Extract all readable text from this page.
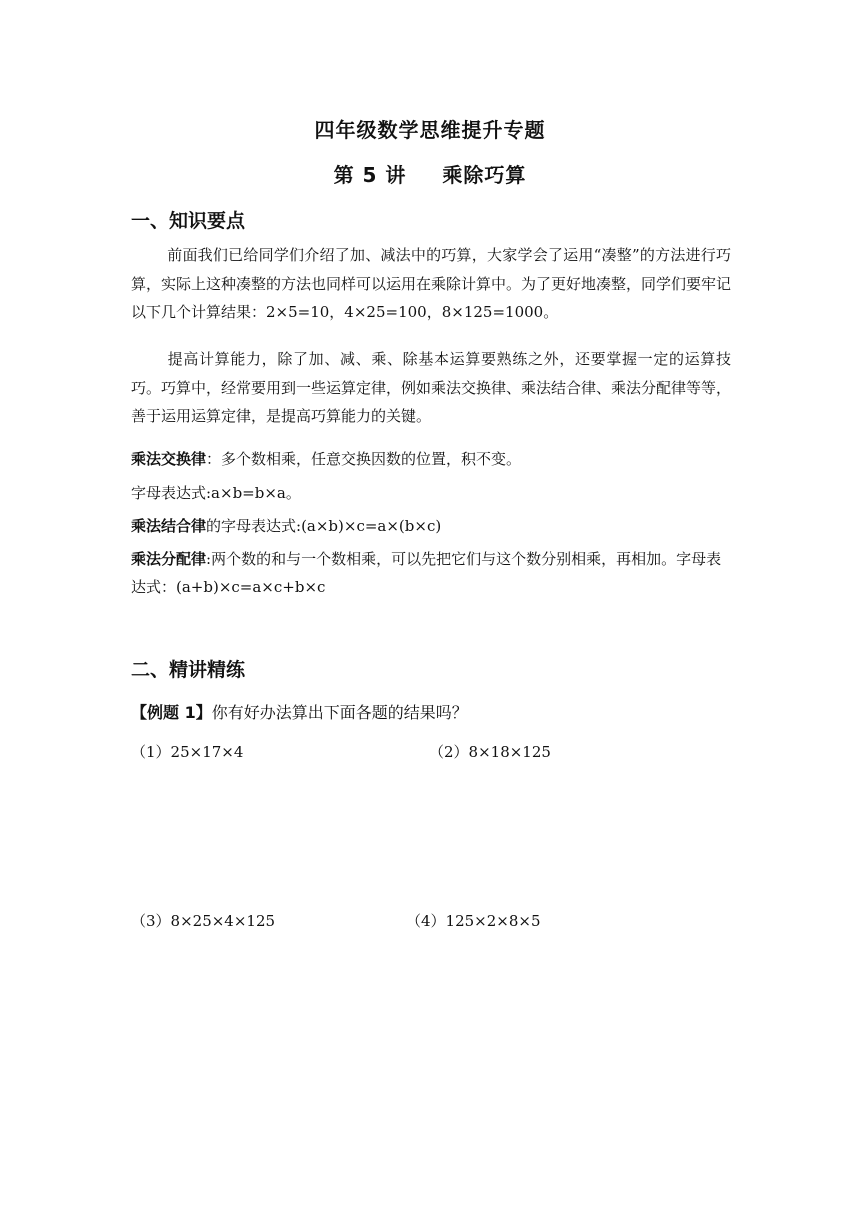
四年级数学思维提升专题
第 5 讲 乘除巧算
一、知识要点
前面我们已给同学们介绍了加、减法中的巧算，大家学会了运用“凑整”的方法进行巧算，实际上这种凑整的方法也同样可以运用在乘除计算中。为了更好地凑整，同学们要牢记以下几个计算结果：2×5=10，4×25=100，8×125=1000。
提高计算能力，除了加、减、乘、除基本运算要熟练之外，还要掌握一定的运算技巧。巧算中，经常要用到一些运算定律，例如乘法交换律、乘法结合律、乘法分配律等等，善于运用运算定律，是提高巧算能力的关键。
乘法交换律：多个数相乘，任意交换因数的位置，积不变。
字母表达式:a×b=b×a。
乘法结合律的字母表达式:(a×b)×c=a×(b×c)
乘法分配律:两个数的和与一个数相乘，可以先把它们与这个数分别相乘，再相加。字母表达式：(a+b)×c=a×c+b×c
二、精讲精练
【例题 1】你有好办法算出下面各题的结果吗？
（1）25×17×4	（2）8×18×125
（3）8×25×4×125	（4）125×2×8×5
